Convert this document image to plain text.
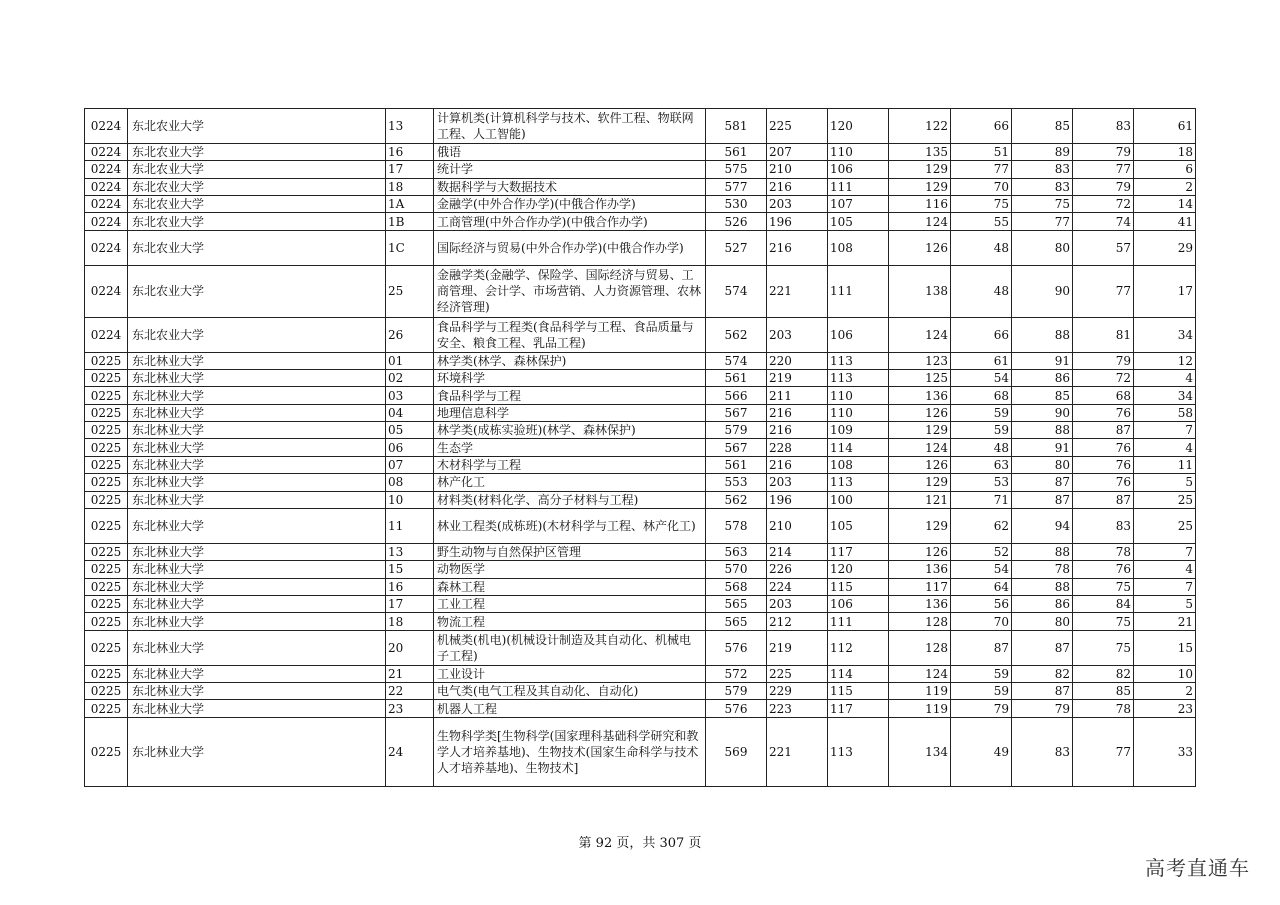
0224	东北农业大学	13	计算机类(计算机科学与技术、软件工程、物联网工程、人工智能)	581	225	120	122	66	85	83	61
0224	东北农业大学	16	俄语	561	207	110	135	51	89	79	18
0224	东北农业大学	17	统计学	575	210	106	129	77	83	77	6
0224	东北农业大学	18	数据科学与大数据技术	577	216	111	129	70	83	79	2
0224	东北农业大学	1A	金融学(中外合作办学)(中俄合作办学)	530	203	107	116	75	75	72	14
0224	东北农业大学	1B	工商管理(中外合作办学)(中俄合作办学)	526	196	105	124	55	77	74	41
0224	东北农业大学	1C	国际经济与贸易(中外合作办学)(中俄合作办学)	527	216	108	126	48	80	57	29
0224	东北农业大学	25	金融学类(金融学、保险学、国际经济与贸易、工商管理、会计学、市场营销、人力资源管理、农林经济管理)	574	221	111	138	48	90	77	17
0224	东北农业大学	26	食品科学与工程类(食品科学与工程、食品质量与安全、粮食工程、乳品工程)	562	203	106	124	66	88	81	34
0225	东北林业大学	01	林学类(林学、森林保护)	574	220	113	123	61	91	79	12
0225	东北林业大学	02	环境科学	561	219	113	125	54	86	72	4
0225	东北林业大学	03	食品科学与工程	566	211	110	136	68	85	68	34
0225	东北林业大学	04	地理信息科学	567	216	110	126	59	90	76	58
0225	东北林业大学	05	林学类(成栋实验班)(林学、森林保护)	579	216	109	129	59	88	87	7
0225	东北林业大学	06	生态学	567	228	114	124	48	91	76	4
0225	东北林业大学	07	木材科学与工程	561	216	108	126	63	80	76	11
0225	东北林业大学	08	林产化工	553	203	113	129	53	87	76	5
0225	东北林业大学	10	材料类(材料化学、高分子材料与工程)	562	196	100	121	71	87	87	25
0225	东北林业大学	11	林业工程类(成栋班)(木材科学与工程、林产化工)	578	210	105	129	62	94	83	25
0225	东北林业大学	13	野生动物与自然保护区管理	563	214	117	126	52	88	78	7
0225	东北林业大学	15	动物医学	570	226	120	136	54	78	76	4
0225	东北林业大学	16	森林工程	568	224	115	117	64	88	75	7
0225	东北林业大学	17	工业工程	565	203	106	136	56	86	84	5
0225	东北林业大学	18	物流工程	565	212	111	128	70	80	75	21
0225	东北林业大学	20	机械类(机电)(机械设计制造及其自动化、机械电子工程)	576	219	112	128	87	87	75	15
0225	东北林业大学	21	工业设计	572	225	114	124	59	82	82	10
0225	东北林业大学	22	电气类(电气工程及其自动化、自动化)	579	229	115	119	59	87	85	2
0225	东北林业大学	23	机器人工程	576	223	117	119	79	79	78	23
0225	东北林业大学	24	生物科学类[生物科学(国家理科基础科学研究和教学人才培养基地)、生物技术(国家生命科学与技术人才培养基地)、生物技术]	569	221	113	134	49	83	77	33
第 92 页，共 307 页
高考直通车
